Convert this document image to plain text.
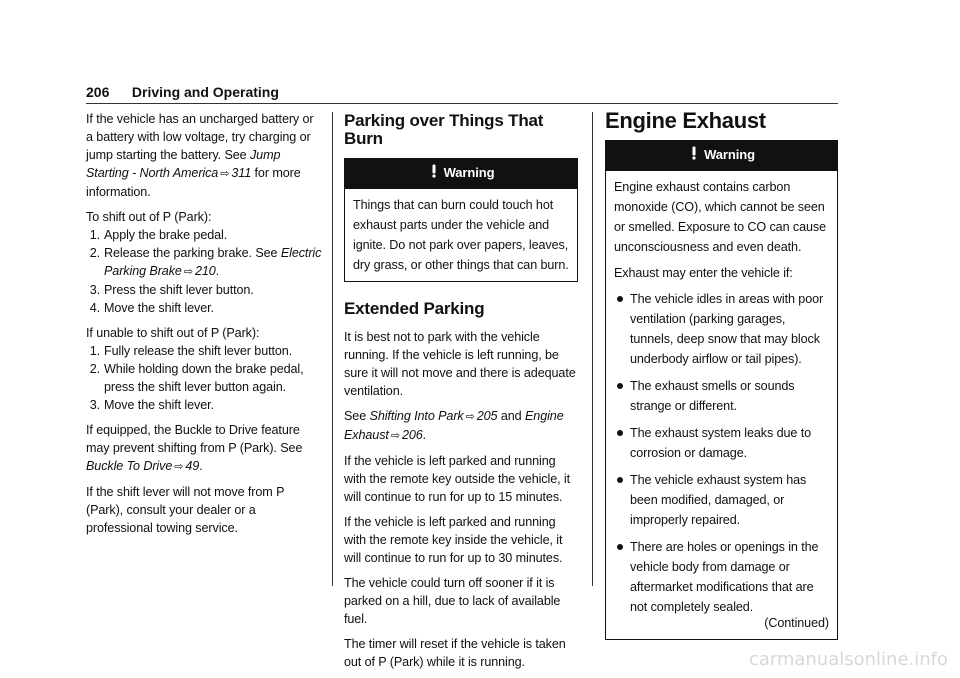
206 Driving and Operating

If the vehicle has an uncharged battery or a battery with low voltage, try charging or jump starting the battery. See Jump Starting - North America ⇨ 311 for more information.

To shift out of P (Park):

1. Apply the brake pedal.
2. Release the parking brake. See Electric Parking Brake ⇨ 210.
3. Press the shift lever button.
4. Move the shift lever.

If unable to shift out of P (Park):

1. Fully release the shift lever button.
2. While holding down the brake pedal, press the shift lever button again.
3. Move the shift lever.

If equipped, the Buckle to Drive feature may prevent shifting from P (Park). See Buckle To Drive ⇨ 49.

If the shift lever will not move from P (Park), consult your dealer or a professional towing service.

Parking over Things That Burn
Warning

Things that can burn could touch hot exhaust parts under the vehicle and ignite. Do not park over papers, leaves, dry grass, or other things that can burn.

Extended Parking

It is best not to park with the vehicle running. If the vehicle is left running, be sure it will not move and there is adequate ventilation.

See Shifting Into Park ⇨ 205 and Engine Exhaust ⇨ 206.

If the vehicle is left parked and running with the remote key outside the vehicle, it will continue to run for up to 15 minutes.

If the vehicle is left parked and running with the remote key inside the vehicle, it will continue to run for up to 30 minutes.

The vehicle could turn off sooner if it is parked on a hill, due to lack of available fuel.

The timer will reset if the vehicle is taken out of P (Park) while it is running.

Engine Exhaust
Warning

Engine exhaust contains carbon monoxide (CO), which cannot be seen or smelled. Exposure to CO can cause unconsciousness and even death.

Exhaust may enter the vehicle if:

The vehicle idles in areas with poor ventilation (parking garages, tunnels, deep snow that may block underbody airflow or tail pipes).
The exhaust smells or sounds strange or different.
The exhaust system leaks due to corrosion or damage.
The vehicle exhaust system has been modified, damaged, or improperly repaired.
There are holes or openings in the vehicle body from damage or aftermarket modifications that are not completely sealed.
(Continued)
carmanualsonline.info
